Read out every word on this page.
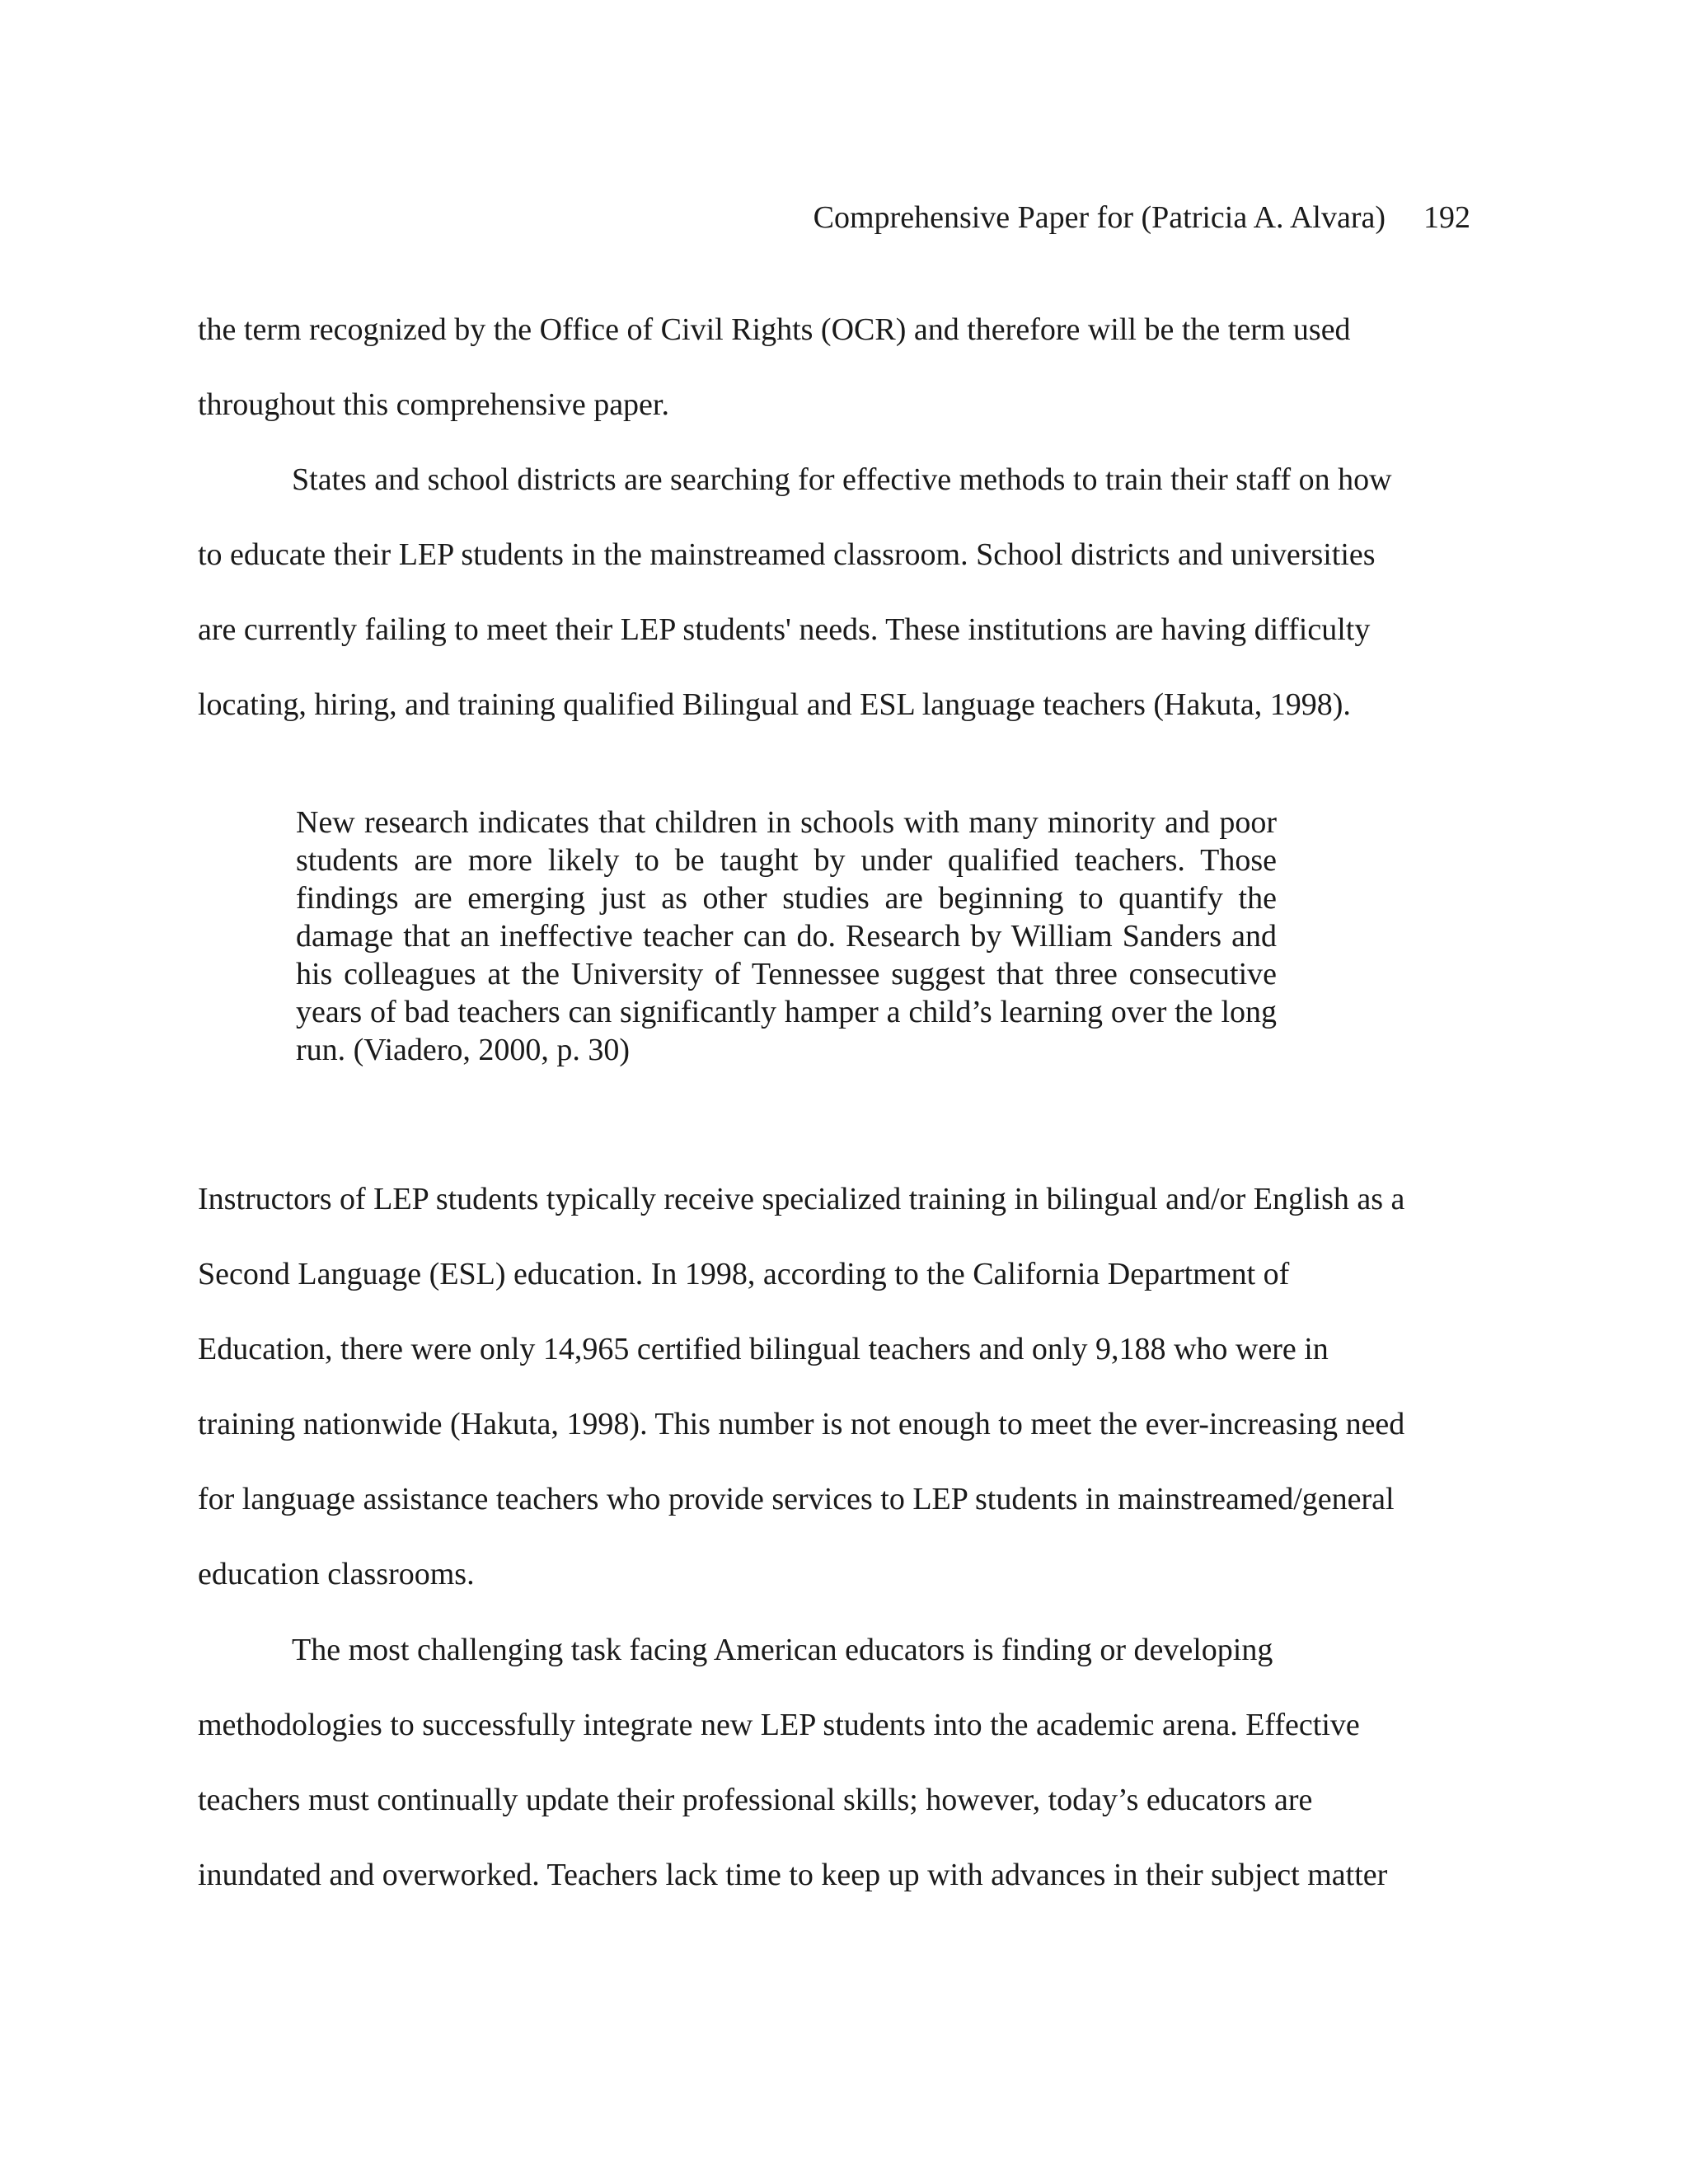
Comprehensive Paper for (Patricia A. Alvara) 192

the term recognized by the Office of Civil Rights (OCR) and therefore will be the term used
throughout this comprehensive paper.

States and school districts are searching for effective methods to train their staff on how
to educate their LEP students in the mainstreamed classroom. School districts and universities
are currently failing to meet their LEP students' needs. These institutions are having difficulty
locating, hiring, and training qualified Bilingual and ESL language teachers (Hakuta, 1998).

New research indicates that children in schools with many minority and poor students are more likely to be taught by under qualified teachers. Those findings are emerging just as other studies are beginning to quantify the damage that an ineffective teacher can do. Research by William Sanders and his colleagues at the University of Tennessee suggest that three consecutive years of bad teachers can significantly hamper a child’s learning over the long run. (Viadero, 2000, p. 30)

Instructors of LEP students typically receive specialized training in bilingual and/or English as a
Second Language (ESL) education. In 1998, according to the California Department of
Education, there were only 14,965 certified bilingual teachers and only 9,188 who were in
training nationwide (Hakuta, 1998). This number is not enough to meet the ever-increasing need
for language assistance teachers who provide services to LEP students in mainstreamed/general
education classrooms.

The most challenging task facing American educators is finding or developing
methodologies to successfully integrate new LEP students into the academic arena. Effective
teachers must continually update their professional skills; however, today’s educators are
inundated and overworked. Teachers lack time to keep up with advances in their subject matter
